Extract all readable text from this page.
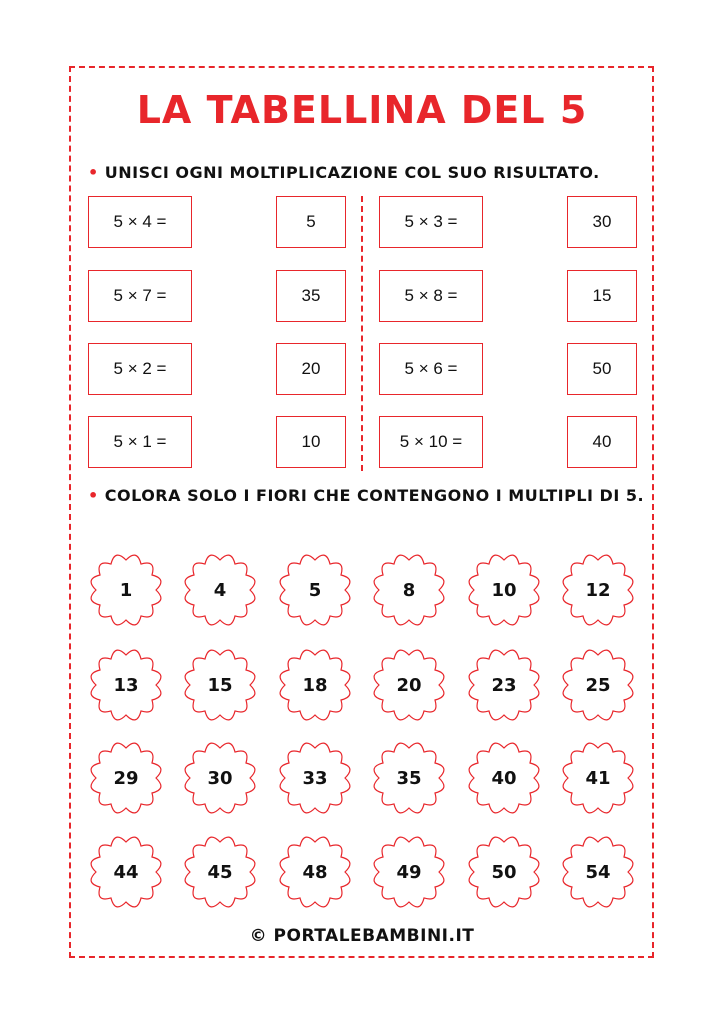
LA TABELLINA DEL 5
• UNISCI OGNI MOLTIPLICAZIONE COL SUO RISULTATO.
5 × 4 =	5
5 × 7 =	35
5 × 2 =	20
5 × 1 =	10
5 × 3 =	30
5 × 8 =	15
5 × 6 =	50
5 × 10 =	40
• COLORA SOLO I FIORI CHE CONTENGONO I MULTIPLI DI 5.
1	4	5	8	10	12
13	15	18	20	23	25
29	30	33	35	40	41
44	45	48	49	50	54
© PORTALEBAMBINI.IT
